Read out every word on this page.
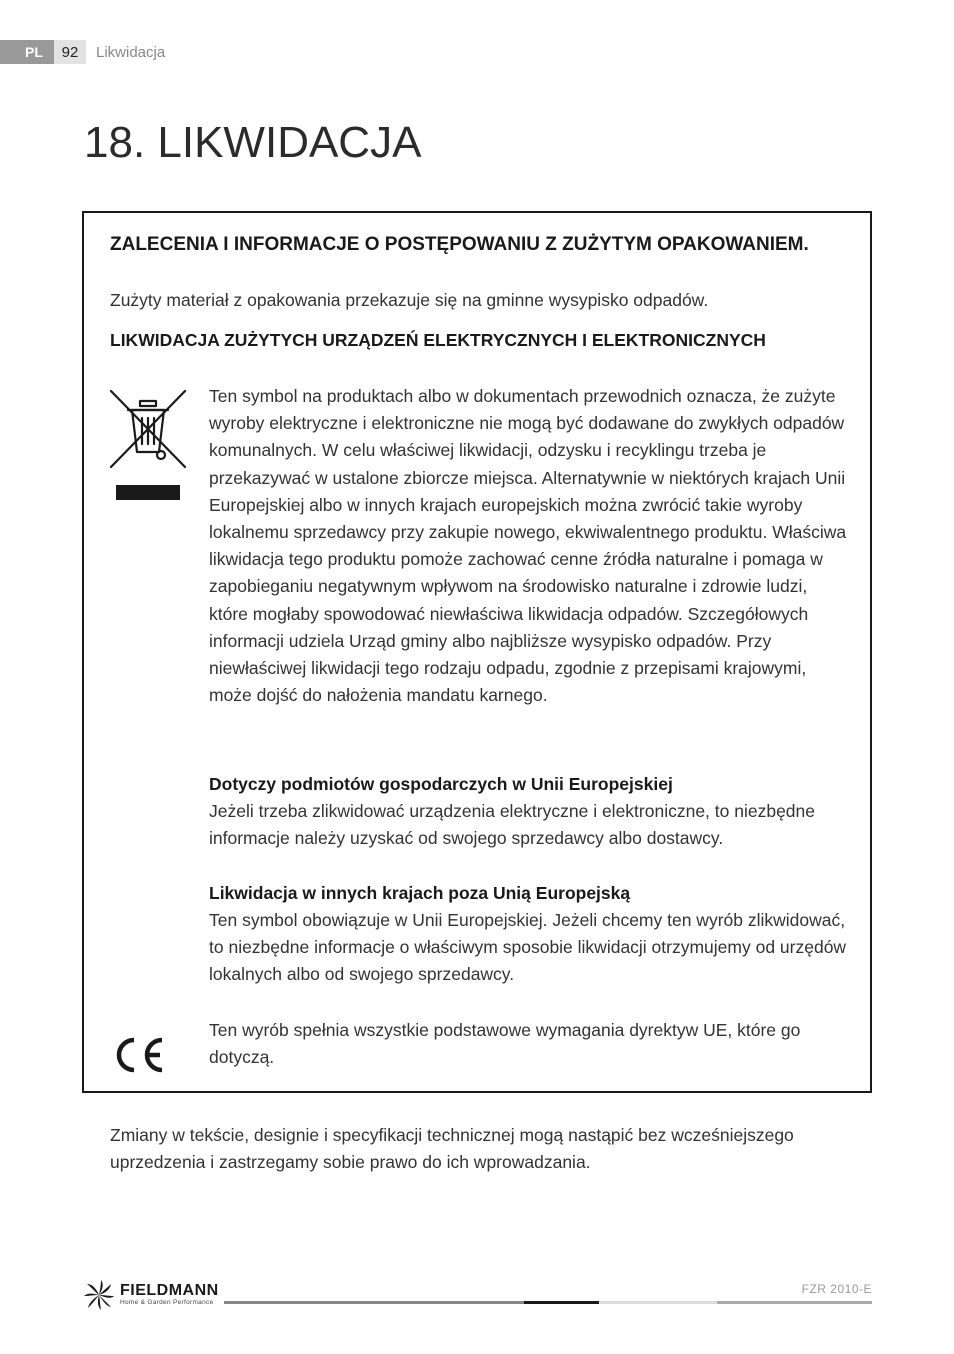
PL	92	Likwidacja
18. LIKWIDACJA
ZALECENIA I INFORMACJE O POSTĘPOWANIU Z ZUŻYTYM OPAKOWANIEM.

Zużyty materiał z opakowania przekazuje się na gminne wysypisko odpadów.

LIKWIDACJA ZUŻYTYCH URZĄDZEŃ ELEKTRYCZNYCH I ELEKTRONICZNYCH

Ten symbol na produktach albo w dokumentach przewodnich oznacza, że zużyte wyroby elektryczne i elektroniczne nie mogą być dodawane do zwykłych odpadów komunalnych. W celu właściwej likwidacji, odzysku i recyklingu trzeba je przekazywać w ustalone zbiorcze miejsca. Alternatywnie w niektórych krajach Unii Europejskiej albo w innych krajach europejskich można zwrócić takie wyroby lokalnemu sprzedawcy przy zakupie nowego, ekwiwalentnego produktu. Właściwa likwidacja tego produktu pomoże zachować cenne źródła naturalne i pomaga w zapobieganiu negatywnym wpływom na środowisko naturalne i zdrowie ludzi, które mogłaby spowodować niewłaściwa likwidacja odpadów. Szczegółowych informacji udziela Urząd gminy albo najbliższe wysypisko odpadów. Przy niewłaściwej likwidacji tego rodzaju odpadu, zgodnie z przepisami krajowymi, może dojść do nałożenia mandatu karnego.

Dotyczy podmiotów gospodarczych w Unii Europejskiej

Jeżeli trzeba zlikwidować urządzenia elektryczne i elektroniczne, to niezbędne informacje należy uzyskać od swojego sprzedawcy albo dostawcy.

Likwidacja w innych krajach poza Unią Europejską

Ten symbol obowiązuje w Unii Europejskiej. Jeżeli chcemy ten wyrób zlikwidować, to niezbędne informacje o właściwym sposobie likwidacji otrzymujemy od urzędów lokalnych albo od swojego sprzedawcy.

Ten wyrób spełnia wszystkie podstawowe wymagania dyrektyw UE, które go dotyczą.

Zmiany w tekście, designie i specyfikacji technicznej mogą nastąpić bez wcześniejszego uprzedzenia i zastrzegamy sobie prawo do ich wprowadzania.

FIELDMANN
Home & Garden Performance
FZR 2010-E
